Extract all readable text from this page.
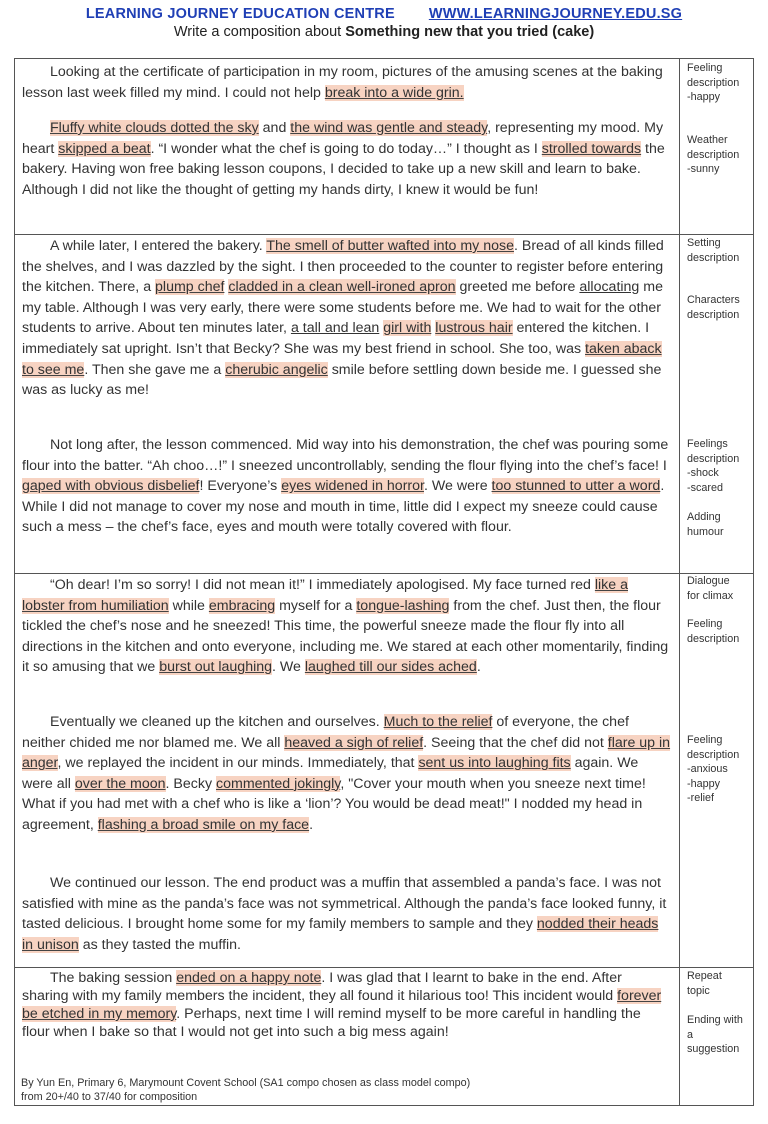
LEARNING JOURNEY EDUCATION CENTRE WWW.LEARNINGJOURNEY.EDU.SG
Write a composition about Something new that you tried (cake)

Looking at the certificate of participation in my room, pictures of the amusing scenes at the baking lesson last week filled my mind. I could not help break into a wide grin.

Fluffy white clouds dotted the sky and the wind was gentle and steady, representing my mood. My heart skipped a beat. “I wonder what the chef is going to do today…” I thought as I strolled towards the bakery. Having won free baking lesson coupons, I decided to take up a new skill and learn to bake. Although I did not like the thought of getting my hands dirty, I knew it would be fun!

A while later, I entered the bakery. The smell of butter wafted into my nose. Bread of all kinds filled the shelves, and I was dazzled by the sight. I then proceeded to the counter to register before entering the kitchen. There, a plump chef cladded in a clean well-ironed apron greeted me before allocating me my table. Although I was very early, there were some students before me. We had to wait for the other students to arrive. About ten minutes later, a tall and lean girl with lustrous hair entered the kitchen. I immediately sat upright. Isn’t that Becky? She was my best friend in school. She too, was taken aback to see me. Then she gave me a cherubic angelic smile before settling down beside me. I guessed she was as lucky as me!

Not long after, the lesson commenced. Mid way into his demonstration, the chef was pouring some flour into the batter. “Ah choo…!” I sneezed uncontrollably, sending the flour flying into the chef’s face! I gaped with obvious disbelief! Everyone’s eyes widened in horror. We were too stunned to utter a word. While I did not manage to cover my nose and mouth in time, little did I expect my sneeze could cause such a mess – the chef’s face, eyes and mouth were totally covered with flour.

“Oh dear! I’m so sorry! I did not mean it!” I immediately apologised. My face turned red like a lobster from humiliation while embracing myself for a tongue-lashing from the chef. Just then, the flour tickled the chef’s nose and he sneezed! This time, the powerful sneeze made the flour fly into all directions in the kitchen and onto everyone, including me. We stared at each other momentarily, finding it so amusing that we burst out laughing. We laughed till our sides ached.

Eventually we cleaned up the kitchen and ourselves. Much to the relief of everyone, the chef neither chided me nor blamed me. We all heaved a sigh of relief. Seeing that the chef did not flare up in anger, we replayed the incident in our minds. Immediately, that sent us into laughing fits again. We were all over the moon. Becky commented jokingly, "Cover your mouth when you sneeze next time! What if you had met with a chef who is like a ‘lion’? You would be dead meat!" I nodded my head in agreement, flashing a broad smile on my face.

We continued our lesson. The end product was a muffin that assembled a panda’s face. I was not satisfied with mine as the panda’s face was not symmetrical. Although the panda’s face looked funny, it tasted delicious. I brought home some for my family members to sample and they nodded their heads in unison as they tasted the muffin.

The baking session ended on a happy note. I was glad that I learnt to bake in the end. After sharing with my family members the incident, they all found it hilarious too! This incident would forever be etched in my memory. Perhaps, next time I will remind myself to be more careful in handling the flour when I bake so that I would not get into such a big mess again!

By Yun En, Primary 6, Marymount Covent School (SA1 compo chosen as class model compo)
from 20+/40 to 37/40 for composition
Feeling
description
-happy
Weather
description
-sunny
Setting
description
Characters
description
Feelings
description
-shock
-scared
Adding
humour
Dialogue
for climax
Feeling
description
Feeling
description
-anxious
-happy
-relief
Repeat
topic
Ending with
a
suggestion
